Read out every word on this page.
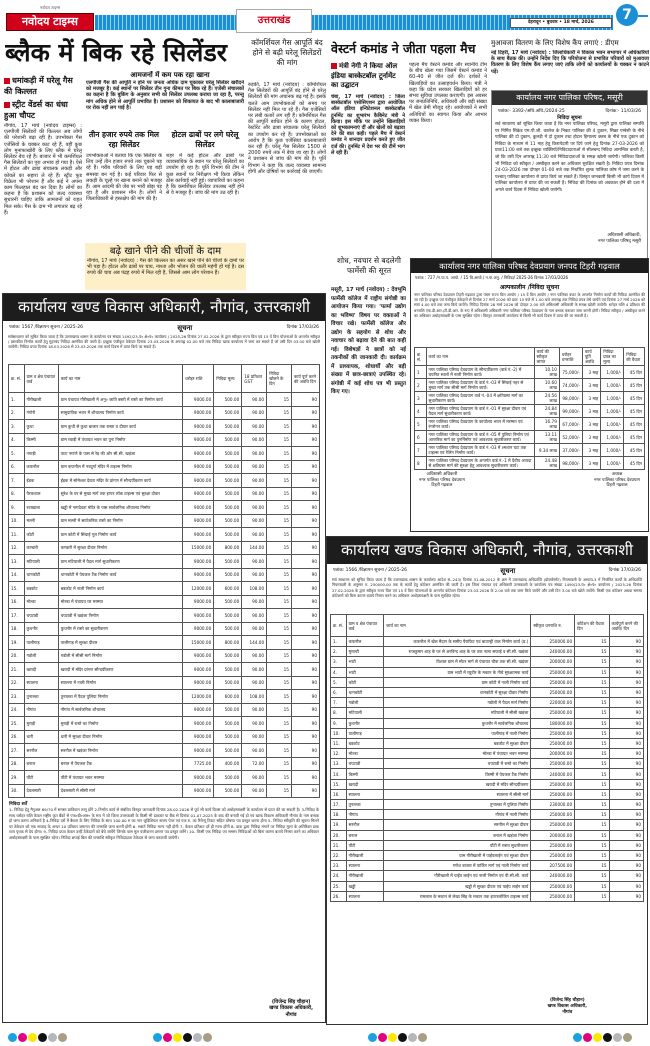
नवोदय टाइम्स
नवोदय टाइम्स	उत्तराखंड	देहरादून • बुधवार • 18 मार्च, 2026	7
ब्लैक में बिक रहे सिलेंडर
आमजनों में कम पक रहा खाना
धमांकड़ी में घरेलू गैस की किल्लत
स्ट्रीट वेंडर्स का धंधा हुआ चौपट
नौगांव, 17 मार्च (नवोदय टाइम्स) : एलपीजी सिलेंडरों की किल्लत अब लोगों की परेशानी बढ़ा रही है। उपभोक्ता गैस एजेंसियों के चक्कर काट रहे हैं, वहीं कुछ लोग मुनाफाखोरी के लिए ब्लैक में घरेलू सिलेंडर बेच रहे हैं। बाजार में भी कमर्शियल गैस सिलेंडरों का पूरा अभाव हो गया है। ऐसे में होटल और ढाबा संचालक लकड़ी और कोयले का सहारा ले रहे हैं। स्ट्रीट फूड विक्रेता भी परेशान हैं और कई ने अपना काम फिलहाल बंद कर दिया है। लोगों का कहना है कि प्रशासन को जल्द व्यवस्था सुधारनी चाहिए ताकि आमजनों को राहत मिल सके। गैस के दाम भी लगातार बढ़ रहे हैं।
एलपीजी गैस की आपूर्ति न होने पर जनता अधिक दाम चुकाकर घरेलू सिलेंडर खरीदने को मजबूर है। कई स्थानों पर सिलेंडर तीन गुना कीमत पर बिक रहे हैं। एजेंसी संचालकों का कहना है कि बुकिंग के अनुसार सभी को सिलेंडर उपलब्ध कराया जा रहा है, परन्तु मांग अधिक होने से आपूर्ति प्रभावित है। प्रशासन को शिकायत के बाद भी कालाबाजारी पर रोक नहीं लग पाई है।
तीन हजार रुपये तक मिल रहा सिलेंडर
उपभोक्ताओं ने बताया कि एक सिलेंडर के लिए उन्हें तीन हजार रुपये तक चुकाने पड़ रहे हैं। गरीब परिवारों के लिए यह बड़ी समस्या बन गई है। कई परिवार फिर से लकड़ी के चूल्हे पर खाना बनाने को मजबूर हैं। आम आदमी की जेब पर भारी बोझ पड़ रहा है और प्रशासन मौन है। लोगों ने जिलाधिकारी से हस्तक्षेप की मांग की है।
होटल ढाबों पर लगे घरेलू सिलेंडर
शहर में कई होटल और ढाबों पर व्यावसायिक के स्थान पर घरेलू सिलेंडरों का उपयोग हो रहा है। पूर्ति विभाग की टीम ने कुछ स्थानों पर निरीक्षण भी किया लेकिन ठोस कार्रवाई नहीं हुई। व्यापारियों का कहना है कि कमर्शियल सिलेंडर उपलब्ध नहीं होने से वे मजबूर हैं। जांच की मांग उठ रही है।
बढ़े खाने पीने की चीजों के दाम
नौगांव, 17 मार्च (नवोदय) : गैस की किल्लत का असर खाने पीने की चीजों के दामों पर भी पड़ा है। होटल और ढाबों पर चाय, नाश्ता और भोजन की थाली महंगी हो गई है। दस रुपये की चाय अब पंद्रह रुपये में मिल रही है, जिससे आम लोग परेशान हैं।
कॉमर्शियल गैस आपूर्ति बंद होने से बढ़ी घरेलू सिलेंडरों की मांग
रुड़की, 17 मार्च (नवोदय) : कॉमर्शियल गैस सिलेंडरों की आपूर्ति बंद होने से घरेलू सिलेंडरों की मांग अचानक बढ़ गई है। इसके चलते आम उपभोक्ताओं को समय पर सिलेंडर नहीं मिल पा रहे हैं। गैस एजेंसियों पर लंबी कतारें लग रही हैं। कॉमर्शियल गैस की आपूर्ति बाधित होने के कारण होटल, रेस्टोरेंट और ढाबा संचालक घरेलू सिलेंडरों का उपयोग कर रहे हैं। उपभोक्ताओं का आरोप है कि कुछ एजेंसियां कालाबाजारी कर रही हैं। घरेलू गैस सिलेंडर 1500 से 2000 रुपये तक में बेचा जा रहा है। लोगों ने प्रशासन से जांच की मांग की है। पूर्ति विभाग ने कहा कि जल्द व्यवस्था सामान्य होगी और दोषियों पर कार्रवाई की जाएगी।
वेस्टर्न कमांड ने जीता पहला मैच
मंत्री नेगी ने किया ऑल इंडिया बास्केटबॉल टूर्नामेंट का उद्घाटन
चंबा, 17 मार्च (नवोदय) : जिला बास्केटबॉल एसोसिएशन द्वारा आयोजित ऑल इंडिया इन्विटेशनल बास्केटबॉल टूर्नामेंट का शुभारंभ कैबिनेट मंत्री ने किया। इस मौके पर उन्होंने खिलाड़ियों को शुभकामनाएं दीं और खेलों को बढ़ावा देने की बात कही। पहले मैच में वेस्टर्न कमांड ने शानदार प्रदर्शन करते हुए जीत दर्ज की। टूर्नामेंट में देश भर की टीमें भाग ले रही हैं।
पहला मैच वेस्टर्न कमांड और स्थानीय टीम के बीच खेला गया जिसमें वेस्टर्न कमांड ने 60-40 से जीत दर्ज की। दर्शकों ने खिलाड़ियों का उत्साहवर्धन किया। मंत्री ने कहा कि प्रदेश सरकार खिलाड़ियों को हर संभव सुविधा उपलब्ध कराएगी। इस अवसर पर जनप्रतिनिधि, अधिकारी और बड़ी संख्या में खेल प्रेमी मौजूद रहे। आयोजकों ने सभी अतिथियों का स्वागत किया और आभार व्यक्त किया।
शोध, नवचार से बदलेगी फार्मेसी की सूरत
मसूरी, 17 मार्च (नवोदय) : देवभूमि फार्मेसी कॉलेज में राष्ट्रीय संगोष्ठी का आयोजन किया गया। 'फार्मा उद्योग का भविष्य' विषय पर वक्ताओं ने विचार रखे। फार्मेसी कॉलेज और उद्योग के सहयोग से शोध और नवाचार को बढ़ावा देने की बात कही गई। विशेषज्ञों ने छात्रों को नई तकनीकों की जानकारी दी। कार्यक्रम में प्राध्यापक, शोधार्थी और बड़ी संख्या में छात्र-छात्राएं उपस्थित रहे। संगोष्ठी में कई शोध पत्र भी प्रस्तुत किए गए।
मुआवजा वितरण के लिए विशेष कैंप लगाएं : डीएम
नई टिहरी, 17 मार्च (नवोदय) : जिलाधिकारी ने विकास भवन सभागार में अधिकारियों के साथ बैठक की। उन्होंने निर्देश दिए कि परियोजना से प्रभावित परिवारों को मुआवजा वितरण के लिए विशेष कैंप लगाए जाएं ताकि लोगों को कार्यालयों के चक्कर न काटने पड़ें।
कार्यालय नगर पालिका परिषद, मसूरी
पत्रांक:- 3392-/अधि.अधि./2024-25	दिनांक:- 11/03/26
निविदा सूचना
सर्व साधारण को सूचित किया जाता है कि नगर पालिका परिषद, मसूरी द्वारा पालिका सम्पत्ति पर निर्मित सिक्रेड एम.पी.जी. कालेज के निकट पालिका की 4 दुकान, सिक्रा एम्बेसी के नीचे पालिका की दो दुकान, कुलड़ी में दो दुकान तथा होटल हिमालय क्लब के नीचे एक दुकान को निविदा के माध्यम से 11 माह हेतु किरायेदारी पर दिये जाने हेतु दिनांक 27-03-2026 को प्रातः11:00 बजे तक इच्छुक व्यक्तियों/निविदादाताओं से सीलबन्द निविदा आमन्त्रित करती है, जो कि उसी दिन अपराह्न 11:30 बजे निविदादाताओं के समक्ष खोली जायेगी। पालिका किसी भी निविदा को स्वीकृत / अस्वीकृत करने का अधिकार सुरक्षित रखती है। निविदा प्रपत्र दिनांक 24-03-2026 तक दोपहर 01-00 बजे तक निर्धारित शुल्क पालिका कोष में जमा करने के पश्चात् पालिका कार्यालय से प्राप्त किये जा सकते हैं। विस्तृत जानकारी किसी भी कार्य दिवस में पालिका कार्यालय से प्राप्त की जा सकती है। निविदा की दिनांक को अवकाश होने की दशा में अगले कार्य दिवस में निविदा खोली जायेगी।
अधिशासी अधिकारी,
नगर पालिका परिषद् मसूरी
कार्यालय नगर पालिका परिषद देवप्रयाग जनपद टिहरी गढ़वाल
पत्रांक : 727 /न.पा.प. आयो. / 15 वि.आयो./ न.पा.अनु. / निविदा/ 2025-26 दिनांक 17/03/2026
अल्पकालीन /निविदा सूचना
नगर पालिका परिषद देवप्रयाग टिहरी गढ़वाल द्वारा पंचम राज्य वित्त आयोग / 15 वें वित्त आयोग / नगर पालिका बजट के अन्तर्गत निर्माण कार्यों की निविदा आमंत्रित की जा रही है। इच्छुक एवं पंजीकृत ठेकेदारों से दिनांक 27 मार्च 2026 को प्रातः 10 बजे से 1.00 बजे अपराह्न तक निविदा प्रपत्र बेचे जायेंगे एवं दिनांक 27 मार्च 2026 को सायं 4.00 बजे तक जमा किये जायेंगे। निविदा दिनांक 28 मार्च 2026 को दोपहर 2.00 बजे अधिशासी अधिकारी के समक्ष खोली जायेगी। धरोहर राशि 4 प्रतिशत की धनराशि एफ.डी.आर./टी.डी.आर. के रूप में अधिशासी अधिकारी नगर पालिका परिषद देवप्रयाग के नाम बन्धक कराकर जमा करनी होगी। निविदा स्वीकृत / अस्वीकृत करने का अधिकार अधोहस्ताक्षरी के पास सुरक्षित रहेगा। विस्तृत जानकारी कार्यालय से किसी भी कार्य दिवस में प्राप्त की जा सकती है।
क्र. सं.	कार्य का नाम	कार्य की स्वीकृत लागत	धरोहर धनराशि	कार्य पूर्ति अवधि	निविदा प्रपत्र का मूल्य	निविदा की वैधता
1	नगर पालिका परिषद देवप्रयाग के सौन्दर्यीकरण (वार्ड नं.-2) में चयनित स्थलों में नाली निर्माण कार्य।	10.10 लाख	75,000/-	3 माह	1,000/-	45 दिन
2	नगर पालिका परिषद देवप्रयाग के वार्ड नं.-03 में सिंचाई नहर से मुख्य मार्ग तक सीसी मार्ग निर्माण कार्य।	10.60 लाख	74,000/-	3 माह	1,000/-	45 दिन
3	नगर पालिका परिषद देवप्रयाग वार्ड नं.-04 में क्षतिग्रस्त मार्ग का सुधारीकरण कार्य।	24.56 लाख	98,000/-	3 माह	1,000/-	45 दिन
4	नगर पालिका परिषद देवप्रयाग के वार्ड नं.-01 में सुरक्षा दीवार एवं पैदल मार्ग सुधारीकरण कार्य।	24.84 लाख	99,000/-	3 माह	1,000/-	45 दिन
5	नगर पालिका परिषद देवप्रयाग के कार्यालय भवन में मरम्मत एवं रंगरोगन कार्य।	16.79 लाख	67,000/-	3 माह	1,000/-	45 दिन
6	नगर पालिका परिषद देवप्रयाग के वार्ड नं.-05 में पुलिया निर्माण एवं आन्तरिक मार्ग का पुनर्निर्माण एवं आवश्यक सुधारीकरण कार्य।	13.11 लाख	52,000/-	3 माह	1,000/-	45 दिन
7	नगर पालिका परिषद देवप्रयाग के वार्ड नं.-03 में श्मशान घाट तक टाइल्स एवं रेलिंग निर्माण कार्य।	9.34 लाख	37,000/-	3 माह	1,000/-	45 दिन
8	नगर पालिका परिषद देवप्रयाग के अन्तर्गत वार्ड नं.-1 में दैवीय आपदा से क्षतिग्रस्त मार्ग की सुरक्षा हेतु आवश्यक सुधारीकरण कार्य।	24.48 लाख	98,000/-	3 माह	1,000/-	45 दिन
अधिशासी अधिकारी
नगर पालिका परिषद देवप्रयाग
टिहरी गढ़वाल
अध्यक्ष
नगर पालिका परिषद देवप्रयाग
टिहरी गढ़वाल
कार्यालय खण्ड विकास अधिकारी, नौगांव, उत्तरकाशी
पत्रांक: 1567 /विज्ञापन सूचना / 2025-26	सूचना	दिनांक 17/03/26
सर्वसाधारण को सूचित किया जाता है कि उत्तराखण्ड शासन के कार्यालय पत्र संख्या 1492/23-पं० क्षे०पं० कार्यालय / 2025-26 दिनांक 27.02.2026 के द्वारा स्वीकृत राज्य वित्त एवं 15 वें वित्त योजनाओं के अन्तर्गत स्वीकृत / प्रस्तावित निर्माण कार्यों हेतु मुहरबंद निविदा आमंत्रित की जाती है। इच्छुक पंजीकृत ठेकेदार दिनांक 23.03.2026 के अपराह्न 02.00 बजे तक निविदा खण्ड कार्यालय में जमा कर सकते हैं जो उसी दिन 03.00 बजे खोली जायेंगी। निविदा प्रपत्र दिनांक 18.03.2026 से 23.03.2026 तक कार्य दिवस में प्राप्त किये जा सकते हैं।
क्र. सं.	ग्राम व क्षेत्र पंचायत वार्ड	कार्य का नाम	धरोहर राशि	निविदा मूल्य	18 प्रतिशत GST	निविदा खोलने के दिन	कार्य पूर्ण करने की अवधि दिन
1.	गौरीखाली	ग्राम पंचायत गौरीखाली में अनु० जाति बस्ती में रास्ते का निर्माण कार्य	9000.00	500.00	90.00	15	90
2.	गंगोरी	सामुदायिक भवन में शौचालय निर्माण कार्य	9000.00	500.00	90.00	15	90
3.	कुथा	ग्राम कुथी से कुथा बाजार तक रास्ता व दीवार कार्य	9000.00	500.00	90.00	15	90
4.	किम्मी	ग्राम रवाड़ी में पंचायत भवन का पुनः निर्माण	9000.00	500.00	90.00	15	90
5.	नगाड़ी	पाटा नगाणे के पास से रेड़ की ओर सी.सी. खड़ंजा	9000.00	500.00	90.00	15	90
6.	कफनौल	ग्राम कफनौल में नवदुर्गा मंदिर में टाइल्स निर्माण	9000.00	500.00	90.00	15	90
7.	ईड़क	ईड़क में सोमेश्वर देवता मंदिर के प्रांगण में सौन्दर्यीकरण कार्य	9000.00	500.00	90.00	15	90
8.	पैरकथाल	सुरेश के घर से मुख्य मार्ग तक इण्टर लॉक टाइल्स एवं सुरक्षा दीवार	9000.00	500.00	90.00	15	90
9.	रवाखाला	खड्डी में नागदेवता मंदिर के पास सार्वजनिक शौचालय निर्माण	9000.00	500.00	90.00	15	90
10.	मल्ली	ग्राम मल्ली में सार्वजनिक रास्ते का निर्माण	9000.00	500.00	90.00	15	90
11.	कोटी	ग्राम कोटी में सिंचाई गूल निर्माण कार्य	9000.00	500.00	90.00	15	90
12.	कण्डारी	कण्डारी में सुरक्षा दीवार निर्माण	15000.00	800.00	144.00	15	90
13.	मटियाली	ग्राम मटियाली में पैदल मार्ग सुधारीकरण	9000.00	500.00	90.00	15	90
14.	थानकोटी	थानकोटी में पेयजल टैंक निर्माण कार्य	9000.00	500.00	90.00	15	90
15.	बडकोट	बडकोट में नाली निर्माण कार्य	12000.00	600.00	108.00	15	90
16.	मोल्डा	मोल्डा में पंचायत घर मरम्मत	9000.00	500.00	90.00	15	90
17.	चपटाडी	चपटाडी में खड़ंजा निर्माण	9000.00	500.00	90.00	15	90
18.	कुथनौर	कुथनौर में रास्ते का सुधारीकरण	9000.00	500.00	90.00	15	90
19.	पालीगाड़	पालीगाड़ में सुरक्षा दीवार	15000.00	800.00	144.00	15	90
20.	गडोली	गडोली में सीसी मार्ग निर्माण	9000.00	500.00	90.00	15	90
21.	खरादी	खरादी में मंदिर प्रांगण सौन्दर्यीकरण	9000.00	500.00	90.00	15	90
22.	स्यालना	स्यालना में नाली निर्माण	9000.00	500.00	90.00	15	90
23.	तुनाल्का	तुनाल्का में पैदल पुलिया निर्माण	12000.00	600.00	108.00	15	90
24.	नौगांव	नौगांव में सार्वजनिक शौचालय	9000.00	500.00	90.00	15	90
25.	मुराड़ी	मुराड़ी में रास्ते का निर्माण	9000.00	500.00	90.00	15	90
26.	धारी	धारी में सुरक्षा दीवार निर्माण	9000.00	500.00	90.00	15	90
27.	सरनौल	सरनौल में खड़ंजा निर्माण	9000.00	500.00	90.00	15	90
28.	बनाल	बनाल में पेयजल टैंक	7725.00	400.00	72.00	15	90
29.	पौंटी	पौंटी में पंचायत भवन मरम्मत	9000.00	500.00	90.00	15	90
30.	देवलसारी	देवलसारी में सीसी मार्ग	9000.00	500.00	90.00	15	90
निविदा शर्तें
1- निविदा हेतु मैनुअल 69/70 में समस्त प्राविधान लागू होंगे 2-निर्माण कार्य से संबंधित विस्तृत जानकारी दिनांक 28.02.2026 से पूर्व भी कार्य दिवस को अधोहस्ताक्षरी के कार्यालय से प्राप्त की जा सकती है। 3-निविदा के साथ धरोहर राशि केवल राष्ट्रीय कृत बैंको से एफ०डी०आर० के रूप में जो जिला उत्तरकाशी के किसी भी डाकघर या बैंक से दिनांक 01.07.2025 के बाद की बनायी गई हो एवं खण्ड विकास अधिकारी नौगांव के नाम बन्धक हो जमा करना अनिवार्य है 4-निविदा दरों में बैधता के लिए निविदा के साथ 100.00 रु का नान जुडिशियल स्टाम्प पेपर एवं एक रु. का रिवेन्यू टिकट सहित घोषणा पत्र प्रस्तुत करना होगा 5- निविदा स्वीकृति की सूचना मिलने पर ठेकेदार को एक सप्ताह के अन्दर 10 प्रतिशत जमानत की धनराशि जमा करनी होगी 6- सशर्त निविदा मान्य नहीं होगी 7- केवल प्रतिशत दरें ही मान्य होंगी 8- डाक द्वारा निविदा मंगाने पर निविदा मूल्य के अतिरिक्त डाक व्यय पृथक से देय होगा। 9- निविदा प्रपत्र केवल उन्हीं ठेकेदारों को बेचे जायेंगे जिनके पास मूल पंजीकरण प्रमाण पत्र प्रस्तुत करेंगे। 10- किसी एक निविदा एवं समस्त निविदाओं को बिना कारण बताये निरस्त करने का अधिकार अधोहस्ताक्षरी के पास सुरक्षित रहेगा। निविदा छपाई बिल की धनराशि स्वीकृत निविदादाता ठेकेदार से जमा करवायी जायेगी।
(विजेन्द्र सिंह चौहान)
खण्ड विकास अधिकारी,
नौगांव
कार्यालय खण्ड विकास अधिकारी, नौगांव, उत्तरकाशी
पत्रांक: 1566 /विज्ञापन सूचना / 2025-26	सूचना	दिनांक 17/03/26
सर्व साधारण को सूचित किया जाता है कि उत्तराखण्ड शासन के कार्यालय आदेश सं.-243/ दिनांक 31.08.2012 के क्रम में उत्तराखण्ड अधिप्राप्ति (प्रोक्योरमेंट) नियमावली के अध्याय-3 में निर्धारित कार्यों के अधिप्राप्ति नियमावली के अनुसार रु. 250000.00 तक के कार्यों हेतु कोटेशन आमंत्रित की जाती है। इस जिला पंचायत एवं अधिकारी उत्तरकाशी के कार्यालय पत्र संख्या 1490/23-पं० क्षे०पं० कार्यालय / 2025-26 दिनांक 27.02.2026 के द्वारा स्वीकृत राज्य वित्त एवं 15 वें वित्त योजनाओं के अन्तर्गत कोटेशन दिनांक 23.03.2026 के 2.00 बजे तक जमा किये जायेंगे और उसी दिन 3.00 बजे खोले जायेंगे। किसी एक कोटेशन अथवा समस्त कोटेशनों को बिना कारण बताये निरस्त करने का अधिकार अधोहस्ताक्षरी के पास सुरक्षित रहेगा।
क्र. सं.	ग्राम व क्षेत्र पंचायत वार्ड	कार्य का नाम	स्वीकृत धनराशि रु.	कोटेशन की वैधता दिन	कार्यपूर्ण करने की अवधि/ दिन
1.	कफनौल	कफनौल में खेल मैदान के समीप पैराफिट एवं बाउण्ड्री वाल निर्माण कार्य (प्र.)	250000.00	15	90
2.	मुराल्टी	राजकुमार शाह के घर से अरविन्द शाह के घर तक नाला सफाई व सी.सी. खड़ंजा	240000.00	15	90
3.	भाटी	विशाल ग्राम में मोटर मार्ग से पंचायत चौक तक सी.सी. खड़ंजा	200000.00	15	90
4.	भाटी	ग्राम भाटी में रघुवीर के मकान के नीचे सुरक्षात्मक कार्य	250000.00	15	90
5.	कोटी	ग्राम कोटी में नाली निर्माण कार्य	250000.00	15	90
6.	थानकोटी	थानकोटी में सुरक्षा दीवार निर्माण	250000.00	15	90
7.	गडोली	गडोली में पैदल मार्ग निर्माण	220000.00	15	90
8.	मटियाली	मटियाली में सीसी खड़ंजा	250000.00	15	90
9.	कुथनौर	कुथनौर में सार्वजनिक शौचालय	180000.00	15	90
10.	पालीगाड़	पालीगाड़ में नाली निर्माण	250000.00	15	90
11.	बडकोट	बडकोट में सुरक्षा दीवार	250000.00	15	90
12.	मोल्डा	मोल्डा में पंचायत भवन मरम्मत	200000.00	15	90
13.	चपटाडी	चपटाडी में रास्ते का निर्माण	250000.00	15	90
14.	किम्मी	किम्मी में पेयजल टैंक निर्माण	240000.00	15	90
15.	खरादी	खरादी में मंदिर सौन्दर्यीकरण	250000.00	15	90
16.	स्यालना	स्यालना में सीसी मार्ग	250000.00	15	90
17.	तुनाल्का	तुनाल्का में पुलिया निर्माण	230000.00	15	90
18.	नौगांव	नौगांव में नाली निर्माण	250000.00	15	90
19.	सरनौल	सरनौल में सुरक्षा दीवार	250000.00	15	90
20.	बनाल	बनाल में खड़ंजा निर्माण	200000.00	15	90
21.	पौंटी	पौंटी में रास्ता सुधारीकरण	250000.00	15	90
22.	गौरीखाली	ग्राम गौरीखाली में पाईपलाईन एवं सुरक्षा दीवार	250000.00	15	90
23.	स्यालना	गणेश बाजार में पार्किंग मार्ग एवं नाली निर्माण कार्य	207500.00	15	90
24.	गौरीखाली	गौरीखाली में पाईप लाईन एवं नाली निर्माण एवं पी.सी.सी. कार्य	240000.00	15	90
25.	खड्डी	खड्डी में सुरक्षा दीवार एवं पाईप लाईन कार्य	250000.00	15	90
26.	स्यालना	रामलाल के मकान से लेखा सिंह के मकान तक इण्टरलॉकिंग टाइल्स कार्य	250000.00	15	90
(विजेन्द्र सिंह चौहान)
खण्ड विकास अधिकारी,
नौगांव
